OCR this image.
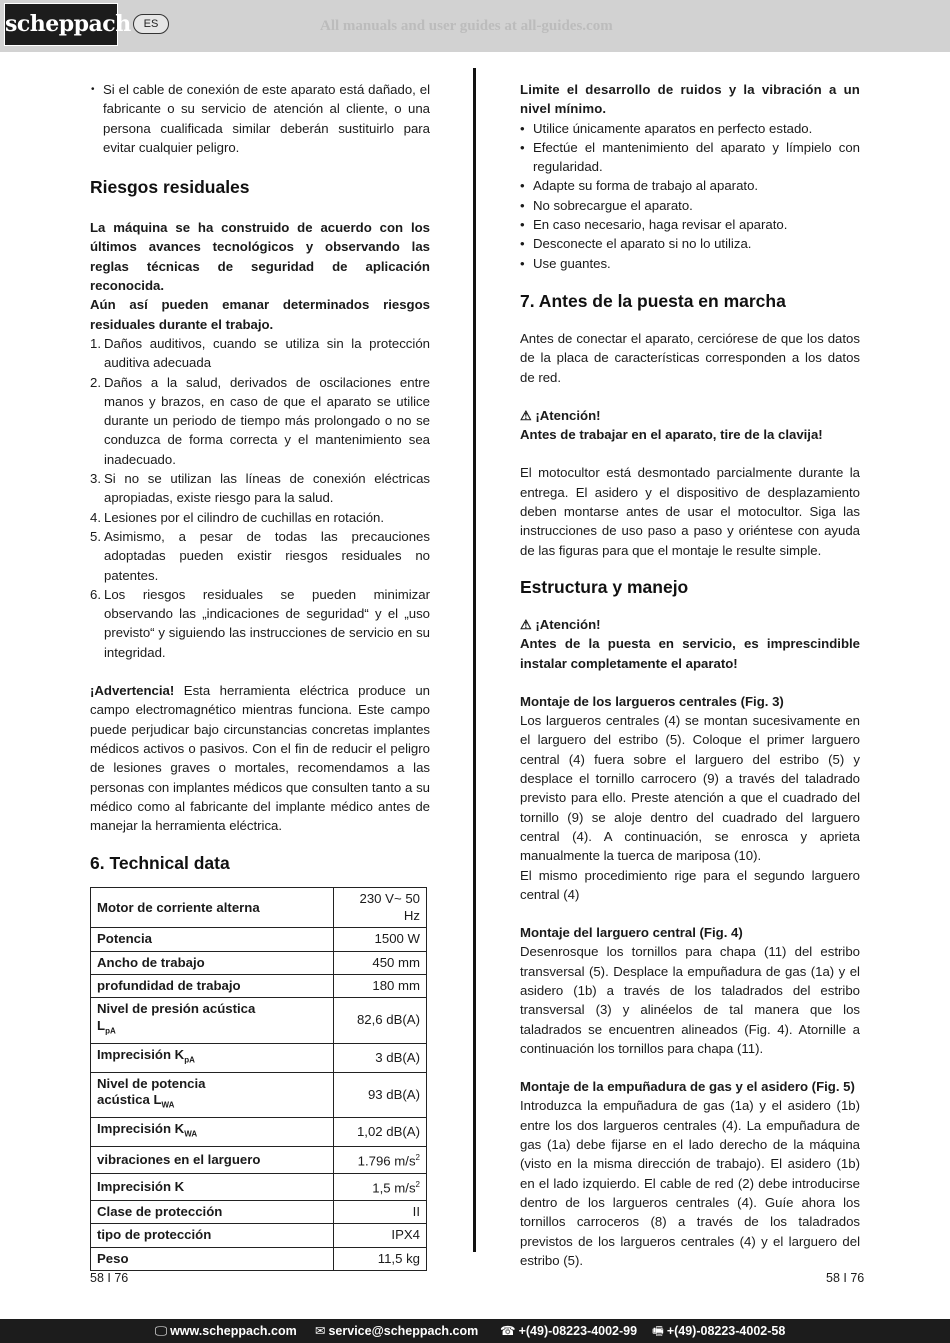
scheppach	ES	All manuals and user guides at all-guides.com
• Si el cable de conexión de este aparato está dañado, el fabricante o su servicio de atención al cliente, o una persona cualificada similar deberán sustituirlo para evitar cualquier peligro.
Riesgos residuales

La máquina se ha construido de acuerdo con los últimos avances tecnológicos y observando las reglas técnicas de seguridad de aplicación reconocida.

Aún así pueden emanar determinados riesgos residuales durante el trabajo.

1. Daños auditivos, cuando se utiliza sin la protección auditiva adecuada
2. Daños a la salud, derivados de oscilaciones entre manos y brazos, en caso de que el aparato se utilice durante un periodo de tiempo más prolongado o no se conduzca de forma correcta y el mantenimiento sea inadecuado.
3. Si no se utilizan las líneas de conexión eléctricas apropiadas, existe riesgo para la salud.
4. Lesiones por el cilindro de cuchillas en rotación.
5. Asimismo, a pesar de todas las precauciones adoptadas pueden existir riesgos residuales no patentes.
6. Los riesgos residuales se pueden minimizar observando las „indicaciones de seguridad“ y el „uso previsto“ y siguiendo las instrucciones de servicio en su integridad.

¡Advertencia! Esta herramienta eléctrica produce un campo electromagnético mientras funciona. Este campo puede perjudicar bajo circunstancias concretas implantes médicos activos o pasivos. Con el fin de reducir el peligro de lesiones graves o mortales, recomendamos a las personas con implantes médicos que consulten tanto a su médico como al fabricante del implante médico antes de manejar la herramienta eléctrica.

6. Technical data
Motor de corriente alterna	230 V~ 50 Hz
Potencia	1500 W
Ancho de trabajo	450 mm
profundidad de trabajo	180 mm
Nivel de presión acústica
$L_{pA}$	82,6 dB(A)
Imprecisión $K_{pA}$	3 dB(A)
Nivel de potencia
acústica $L_{WA}$	93 dB(A)
Imprecisión $K_{WA}$	1,02 dB(A)
vibraciones en el larguero	1.796 $m/s^2$
Imprecisión K	1,5 $m/s^2$
Clase de protección	II
tipo de protección	IPX4
Peso	11,5 kg

Limite el desarrollo de ruidos y la vibración a un nivel mínimo.

• Utilice únicamente aparatos en perfecto estado.
• Efectúe el mantenimiento del aparato y límpielo con regularidad.
• Adapte su forma de trabajo al aparato.
• No sobrecargue el aparato.
• En caso necesario, haga revisar el aparato.
• Desconecte el aparato si no lo utiliza.
• Use guantes.
7. Antes de la puesta en marcha

Antes de conectar el aparato, cerciórese de que los datos de la placa de características corresponden a los datos de red.

⚠ ¡Atención!

Antes de trabajar en el aparato, tire de la clavija!

El motocultor está desmontado parcialmente durante la entrega. El asidero y el dispositivo de desplazamiento deben montarse antes de usar el motocultor. Siga las instrucciones de uso paso a paso y oriéntese con ayuda de las figuras para que el montaje le resulte simple.

Estructura y manejo

⚠ ¡Atención!

Antes de la puesta en servicio, es imprescindible instalar completamente el aparato!

Montaje de los largueros centrales (Fig. 3)

Los largueros centrales (4) se montan sucesivamente en el larguero del estribo (5). Coloque el primer larguero central (4) fuera sobre el larguero del estribo (5) y desplace el tornillo carrocero (9) a través del taladrado previsto para ello. Preste atención a que el cuadrado del tornillo (9) se aloje dentro del cuadrado del larguero central (4). A continuación, se enrosca y aprieta manualmente la tuerca de mariposa (10).

El mismo procedimiento rige para el segundo larguero central (4)

Montaje del larguero central (Fig. 4)

Desenrosque los tornillos para chapa (11) del estribo transversal (5). Desplace la empuñadura de gas (1a) y el asidero (1b) a través de los taladrados del estribo transversal (3) y alinéelos de tal manera que los taladrados se encuentren alineados (Fig. 4). Atornille a continuación los tornillos para chapa (11).

Montaje de la empuñadura de gas y el asidero (Fig. 5)

Introduzca la empuñadura de gas (1a) y el asidero (1b) entre los dos largueros centrales (4). La empuñadura de gas (1a) debe fijarse en el lado derecho de la máquina (visto en la misma dirección de trabajo). El asidero (1b) en el lado izquierdo. El cable de red (2) debe introducirse dentro de los largueros centrales (4). Guíe ahora los tornillos carroceros (8) a través de los taladrados previstos de los largueros centrales (4) y el larguero del estribo (5).

58 I 76	58 I 76
🖵 www.scheppach.com ✉ service@scheppach.com ☎ +(49)-08223-4002-99 🖷 +(49)-08223-4002-58
